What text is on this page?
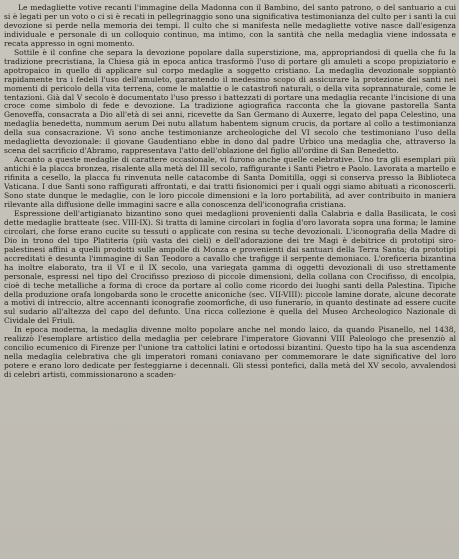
Le medagliette votive recanti l'immagine della Madonna con il Bambino, del santo patrono, o del santuario a cui si è legati per un voto o ci si è recati in pellegrinaggio sono una significativa testimonianza del culto per i santi la cui devozione si perde nella memoria dei tempi. Il culto che si manifesta nelle medagliette votive nasce dall'esigenza individuale e personale di un colloquio continuo, ma intimo, con la santità che nella medaglia viene indossata e recata appresso in ogni momento.

Sottile è il confine che separa la devozione popolare dalla superstizione, ma, appropriandosi di quella che fu la tradizione precristiana, la Chiesa già in epoca antica trasformò l'uso di portare gli amuleti a scopo propiziatorio e apotropaico in quello di applicare sul corpo medaglie a soggetto cristiano. La medaglia devozionale soppiantò rapidamente tra i fedeli l'uso dell'amuleto, garantendo il medesimo scopo di assicurare la protezione dei santi nei momenti di pericolo della vita terrena, come le malattie o le catastrofi naturali, o della vita soprannaturale, come le tentazioni. Già dal V secolo è documentato l'uso presso i battezzati di portare una medaglia recante l'incisione di una croce come simbolo di fede e devozione. La tradizione agiografica racconta che la giovane pastorella Santa Genoveffa, consacrata a Dio all'età di sei anni, ricevette da San Germano di Auxerre, legato del papa Celestino, una medaglia benedetta, nummum aerum Dei nutu allatum habentem signum crucis, da portare al collo a testimonianza della sua consacrazione. Vi sono anche testimonianze archeologiche del VI secolo che testimoniano l'uso della medaglietta devozionale: il giovane Gaudentiano ebbe in dono dal padre Urbico una medaglia che, attraverso la scena del sacrificio d'Abramo, rappresentava l'atto dell'oblazione del figlio all'ordine di San Benedetto.

Accanto a queste medaglie di carattere occasionale, vi furono anche quelle celebrative. Uno tra gli esemplari più antichi è la placca bronzea, risalente alla metà del III secolo, raffigurante i Santi Pietro e Paolo. Lavorata a martello e rifinita a cesello, la placca fu rinvenuta nelle catacombe di Santa Domitilla, oggi si conserva presso la Biblioteca Vaticana. I due Santi sono raffigurati affrontati, e dai tratti fisionomici per i quali oggi siamo abituati a riconoscerli. Sono state dunque le medaglie, con le loro piccole dimensioni e la loro portabilità, ad aver contribuito in maniera rilevante alla diffusione delle immagini sacre e alla conoscenza dell'iconografia cristiana.

Espressione dell'artigianato bizantino sono quei medaglioni provenienti dalla Calabria e dalla Basilicata, le così dette medaglie bratteate (sec. VIII-IX). Si tratta di lamine circolari in foglia d'oro lavorata sopra una forma; le lamine circolari, che forse erano cucite su tessuti o applicate con resina su teche devozionali. L'iconografia della Madre di Dio in trono del tipo Platiteria (più vasta dei cieli) e dell'adorazione dei tre Magi è debitrice di prototipi siro-palestinesi affini a quelli prodotti sulle ampolle di Monza e provenienti dai santuari della Terra Santa; da prototipi accreditati è desunta l'immagine di San Teodoro a cavallo che trafigge il serpente demoniaco. L'oreficeria bizantina ha inoltre elaborato, tra il VI e il IX secolo, una variegata gamma di oggetti devozionali di uso strettamente personale, espressi nel tipo del Crocifisso prezioso di piccole dimensioni, della collana con Crocifisso, di encolpia, cioè di teche metalliche a forma di croce da portare al collo come ricordo dei luoghi santi della Palestina. Tipiche della produzione orafa longobarda sono le crocette aniconiche (sec. VII-VIII): piccole lamine dorate, alcune decorate a motivi di intreccio, altre accennanti iconografie zoomorfiche, di uso funerario, in quanto destinate ad essere cucite sul sudario all'altezza del capo del defunto. Una ricca collezione è quella del Museo Archeologico Nazionale di Cividale del Friuli.

In epoca moderna, la medaglia divenne molto popolare anche nel mondo laico, da quando Pisanello, nel 1438, realizzò l'esemplare artistico della medaglia per celebrare l'imperatore Giovanni VIII Paleologo che presenziò al concilio ecumenico di Firenze per l'unione tra cattolici latini e ortodossi bizantini. Questo tipo ha la sua ascendenza nella medaglia celebrativa che gli imperatori romani coniavano per commemorare le date significative del loro potere e erano loro dedicate per festeggiarne i decennali. Gli stessi pontefici, dalla metà del XV secolo, avvalendosi di celebri artisti, commissionarono a scaden-
